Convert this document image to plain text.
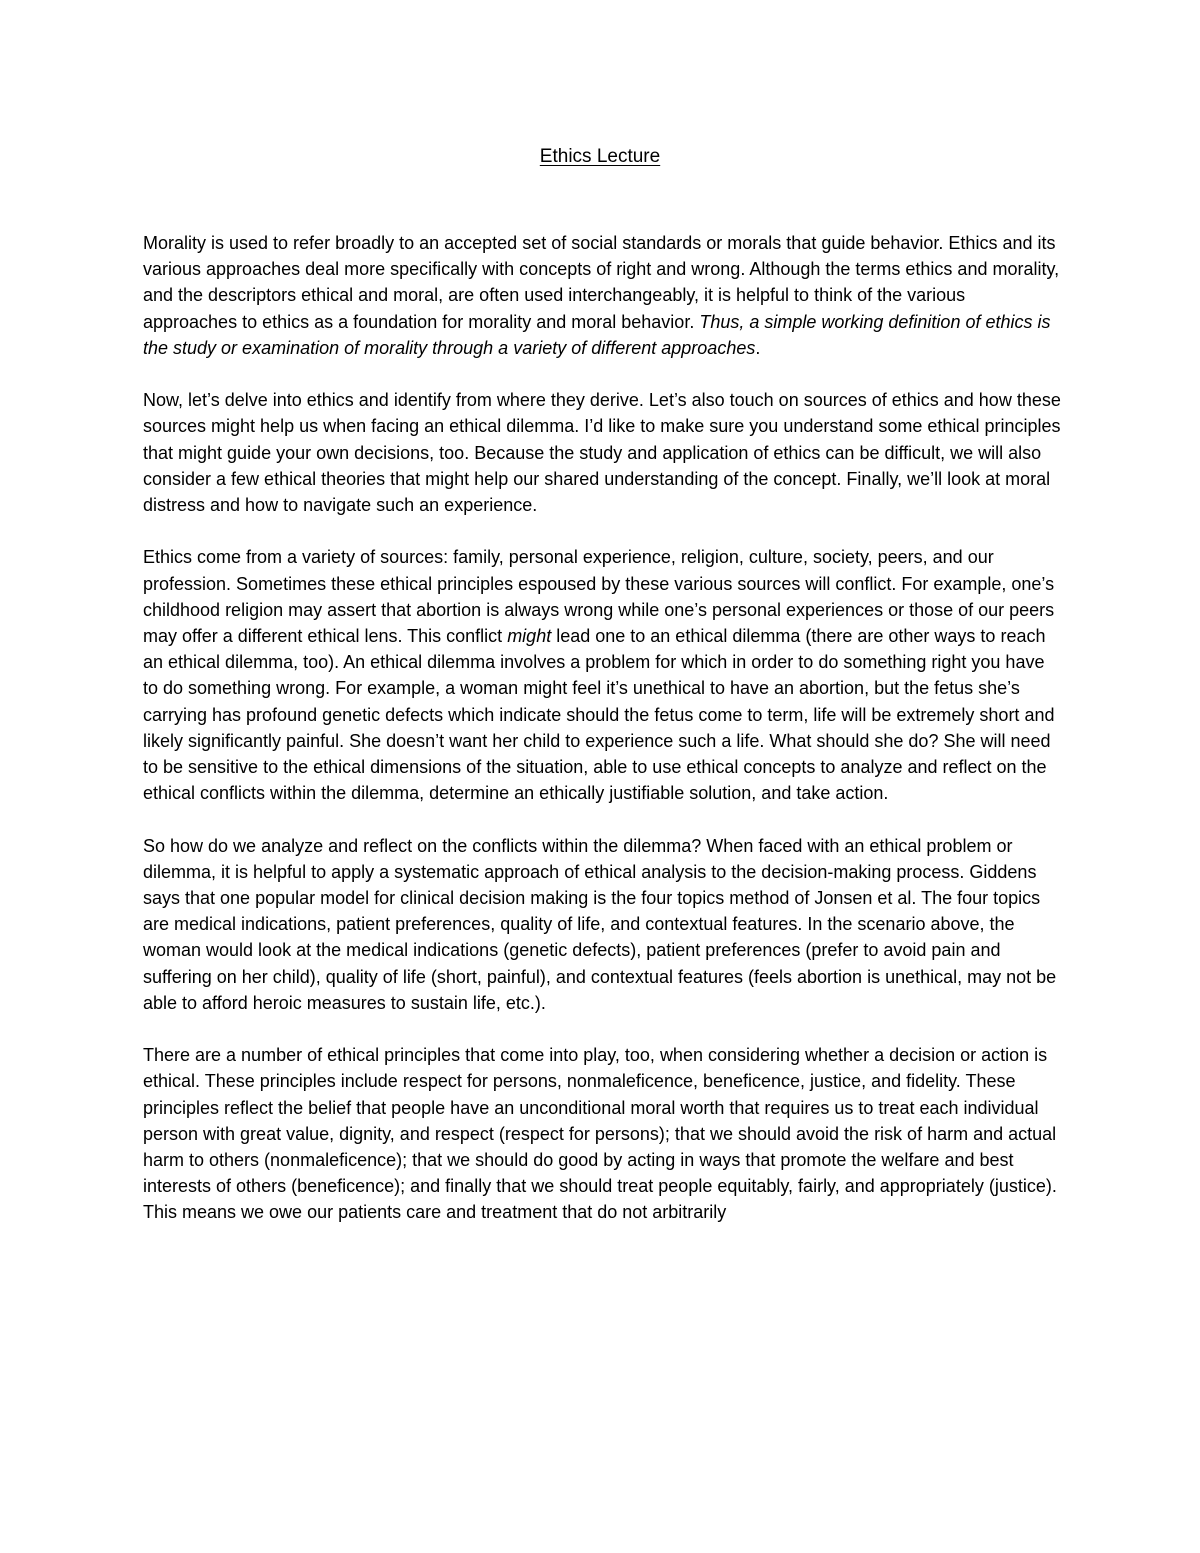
Ethics Lecture

Morality is used to refer broadly to an accepted set of social standards or morals that guide behavior. Ethics and its various approaches deal more specifically with concepts of right and wrong. Although the terms ethics and morality, and the descriptors ethical and moral, are often used interchangeably, it is helpful to think of the various approaches to ethics as a foundation for morality and moral behavior. Thus, a simple working definition of ethics is the study or examination of morality through a variety of different approaches.

Now, let’s delve into ethics and identify from where they derive. Let’s also touch on sources of ethics and how these sources might help us when facing an ethical dilemma. I’d like to make sure you understand some ethical principles that might guide your own decisions, too. Because the study and application of ethics can be difficult, we will also consider a few ethical theories that might help our shared understanding of the concept. Finally, we’ll look at moral distress and how to navigate such an experience.

Ethics come from a variety of sources: family, personal experience, religion, culture, society, peers, and our profession. Sometimes these ethical principles espoused by these various sources will conflict. For example, one’s childhood religion may assert that abortion is always wrong while one’s personal experiences or those of our peers may offer a different ethical lens. This conflict might lead one to an ethical dilemma (there are other ways to reach an ethical dilemma, too). An ethical dilemma involves a problem for which in order to do something right you have to do something wrong. For example, a woman might feel it’s unethical to have an abortion, but the fetus she’s carrying has profound genetic defects which indicate should the fetus come to term, life will be extremely short and likely significantly painful. She doesn’t want her child to experience such a life. What should she do? She will need to be sensitive to the ethical dimensions of the situation, able to use ethical concepts to analyze and reflect on the ethical conflicts within the dilemma, determine an ethically justifiable solution, and take action.

So how do we analyze and reflect on the conflicts within the dilemma? When faced with an ethical problem or dilemma, it is helpful to apply a systematic approach of ethical analysis to the decision-making process. Giddens says that one popular model for clinical decision making is the four topics method of Jonsen et al. The four topics are medical indications, patient preferences, quality of life, and contextual features. In the scenario above, the woman would look at the medical indications (genetic defects), patient preferences (prefer to avoid pain and suffering on her child), quality of life (short, painful), and contextual features (feels abortion is unethical, may not be able to afford heroic measures to sustain life, etc.).

There are a number of ethical principles that come into play, too, when considering whether a decision or action is ethical. These principles include respect for persons, nonmaleficence, beneficence, justice, and fidelity. These principles reflect the belief that people have an unconditional moral worth that requires us to treat each individual person with great value, dignity, and respect (respect for persons); that we should avoid the risk of harm and actual harm to others (nonmaleficence); that we should do good by acting in ways that promote the welfare and best interests of others (beneficence); and finally that we should treat people equitably, fairly, and appropriately (justice). This means we owe our patients care and treatment that do not arbitrarily
